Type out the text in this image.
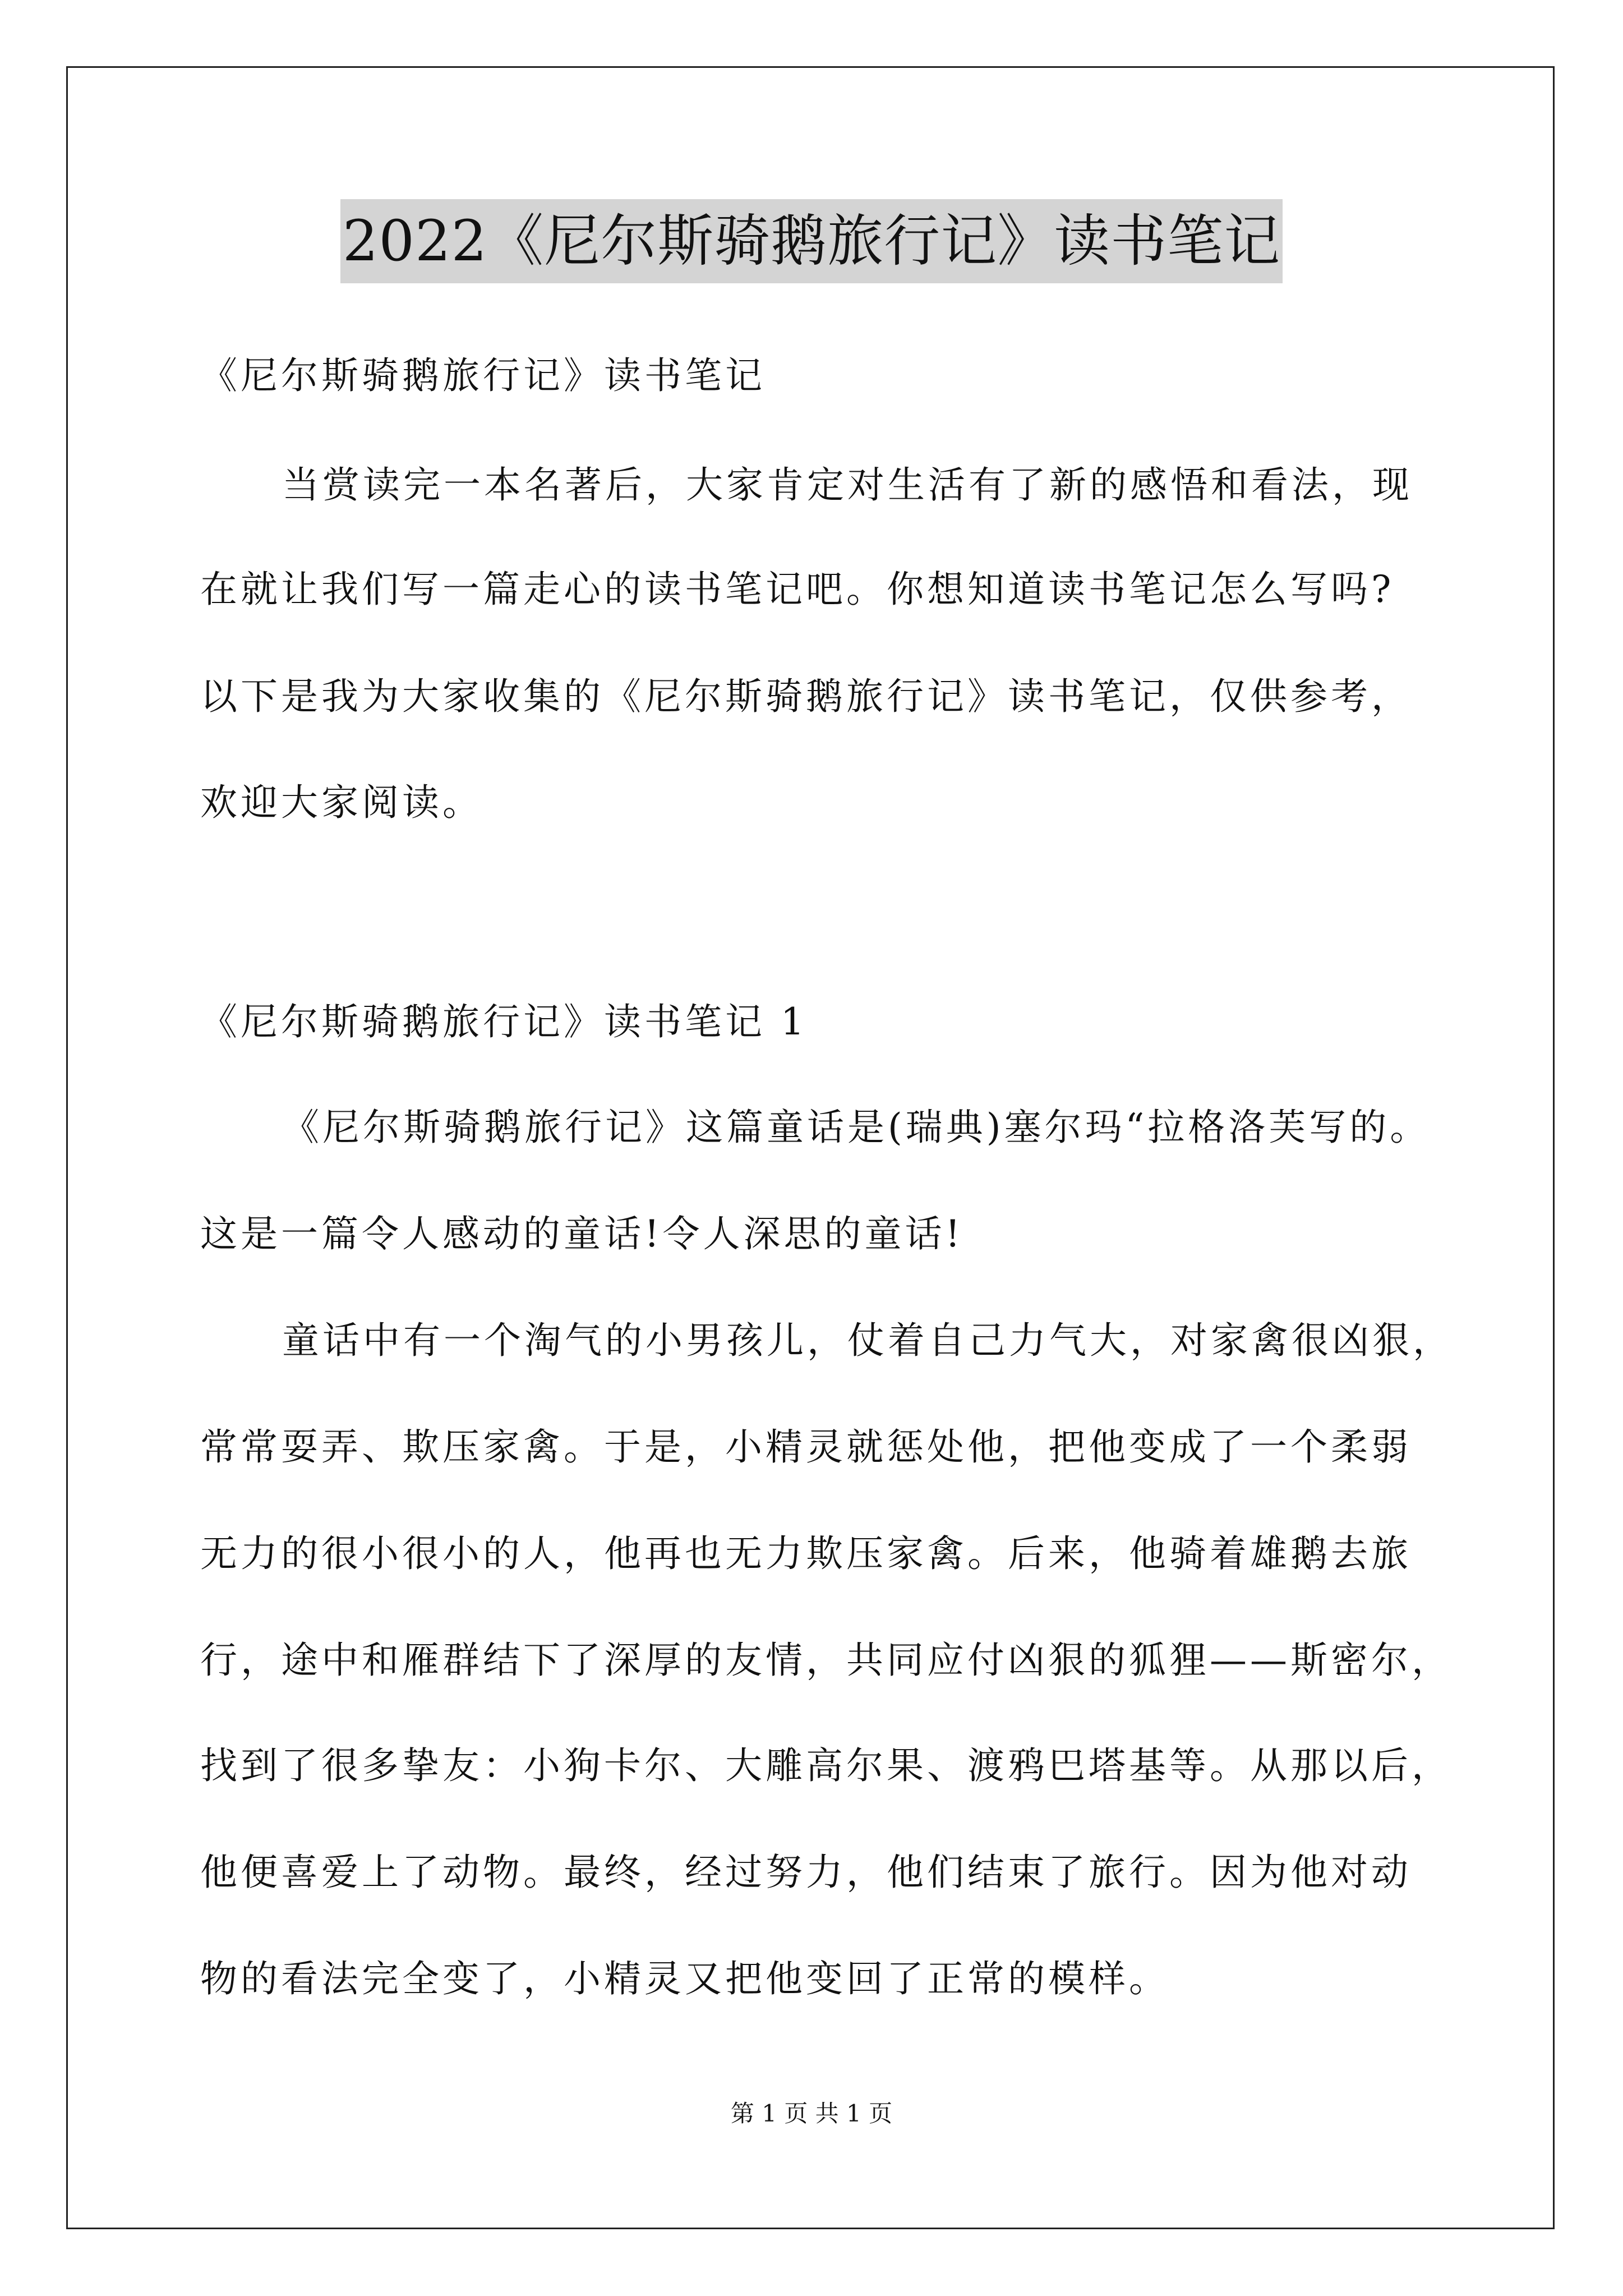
2022《尼尔斯骑鹅旅行记》读书笔记
《尼尔斯骑鹅旅行记》读书笔记
当赏读完一本名著后，大家肯定对生活有了新的感悟和看法，现
在就让我们写一篇走心的读书笔记吧。你想知道读书笔记怎么写吗?
以下是我为大家收集的《尼尔斯骑鹅旅行记》读书笔记，仅供参考，
欢迎大家阅读。
《尼尔斯骑鹅旅行记》读书笔记 1
《尼尔斯骑鹅旅行记》这篇童话是(瑞典)塞尔玛“拉格洛芙写的。
这是一篇令人感动的童话!令人深思的童话!
童话中有一个淘气的小男孩儿，仗着自己力气大，对家禽很凶狠，
常常耍弄、欺压家禽。于是，小精灵就惩处他，把他变成了一个柔弱
无力的很小很小的人，他再也无力欺压家禽。后来，他骑着雄鹅去旅
行，途中和雁群结下了深厚的友情，共同应付凶狠的狐狸——斯密尔，
找到了很多挚友：小狗卡尔、大雕高尔果、渡鸦巴塔基等。从那以后，
他便喜爱上了动物。最终，经过努力，他们结束了旅行。因为他对动
物的看法完全变了，小精灵又把他变回了正常的模样。
第 1 页 共 1 页
